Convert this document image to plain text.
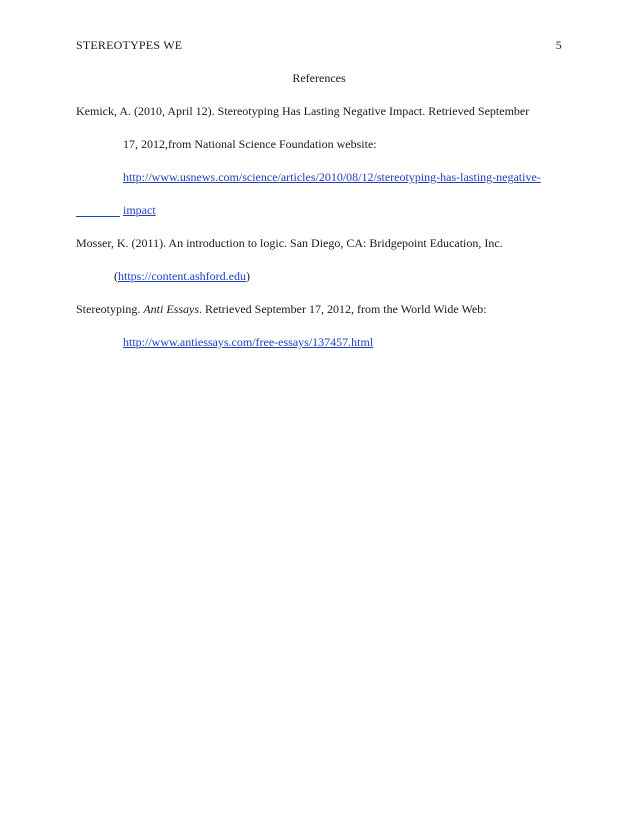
STEREOTYPES WE	5
References
Kemick, A. (2010, April 12). Stereotyping Has Lasting Negative Impact. Retrieved September
17, 2012,from National Science Foundation website:
http://www.usnews.com/science/articles/2010/08/12/stereotyping-has-lasting-negative-
impact
Mosser, K. (2011). An introduction to logic. San Diego, CA: Bridgepoint Education, Inc.
(https://content.ashford.edu)
Stereotyping. Anti Essays. Retrieved September 17, 2012, from the World Wide Web:
http://www.antiessays.com/free-essays/137457.html
